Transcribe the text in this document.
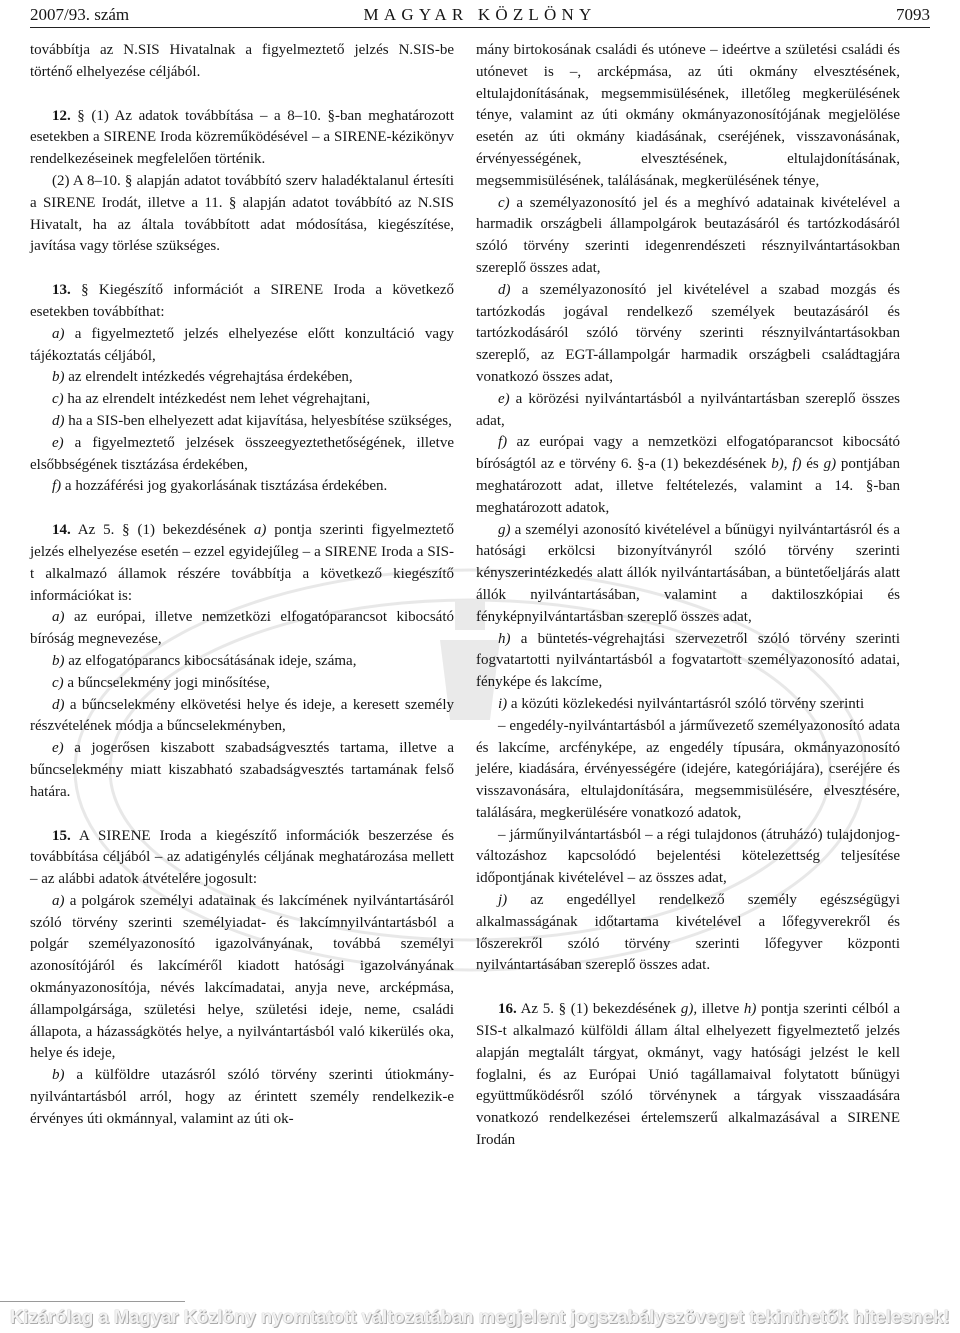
2007/93. szám	MAGYAR KÖZLÖNY	7093

továbbítja az N.SIS Hivatalnak a figyelmeztető jelzés N.SIS-be történő elhelyezése céljából.

12. § (1) Az adatok továbbítása – a 8–10. §-ban meghatározott esetekben a SIRENE Iroda közreműködésével – a SIRENE-kézikönyv rendelkezéseinek megfelelően történik.

(2) A 8–10. § alapján adatot továbbító szerv haladéktalanul értesíti a SIRENE Irodát, illetve a 11. § alapján adatot továbbító az N.SIS Hivatalt, ha az általa továbbított adat módosítása, kiegészítése, javítása vagy törlése szükséges.

13. § Kiegészítő információt a SIRENE Iroda a következő esetekben továbbíthat:

a) a figyelmeztető jelzés elhelyezése előtt konzultáció vagy tájékoztatás céljából,

b) az elrendelt intézkedés végrehajtása érdekében,

c) ha az elrendelt intézkedést nem lehet végrehajtani,

d) ha a SIS-ben elhelyezett adat kijavítása, helyesbítése szükséges,

e) a figyelmeztető jelzések összeegyeztethetőségének, illetve elsőbbségének tisztázása érdekében,

f) a hozzáférési jog gyakorlásának tisztázása érdekében.

14. Az 5. § (1) bekezdésének a) pontja szerinti figyelmeztető jelzés elhelyezése esetén – ezzel egyidejűleg – a SIRENE Iroda a SIS-t alkalmazó államok részére továbbítja a következő kiegészítő információkat is:

a) az európai, illetve nemzetközi elfogatóparancsot kibocsátó bíróság megnevezése,

b) az elfogatóparancs kibocsátásának ideje, száma,

c) a bűncselekmény jogi minősítése,

d) a bűncselekmény elkövetési helye és ideje, a keresett személy részvételének módja a bűncselekményben,

e) a jogerősen kiszabott szabadságvesztés tartama, illetve a bűncselekmény miatt kiszabható szabadságvesztés tartamának felső határa.

15. A SIRENE Iroda a kiegészítő információk beszerzése és továbbítása céljából – az adatigénylés céljának meghatározása mellett – az alábbi adatok átvételére jogosult:

a) a polgárok személyi adatainak és lakcímének nyilvántartásáról szóló törvény szerinti személyiadat- és lakcímnyilvántartásból a polgár személyazonosító igazolványának, továbbá személyi azonosítójáról és lakcíméről kiadott hatósági igazolványának okmányazonosítója, névés lakcímadatai, anyja neve, arcképmása, állampolgársága, születési helye, születési ideje, neme, családi állapota, a házasságkötés helye, a nyilvántartásból való kikerülés oka, helye és ideje,

b) a külföldre utazásról szóló törvény szerinti útiokmány-nyilvántartásból arról, hogy az érintett személy rendelkezik-e érvényes úti okmánnyal, valamint az úti ok-

mány birtokosának családi és utóneve – ideértve a születési családi és utónevet is –, arcképmása, az úti okmány elvesztésének, eltulajdonításának, megsemmisülésének, illetőleg megkerülésének ténye, valamint az úti okmány okmányazonosítójának megjelölése esetén az úti okmány kiadásának, cseréjének, visszavonásának, érvényességének, elvesztésének, eltulajdonításának, megsemmisülésének, találásának, megkerülésének ténye,

c) a személyazonosító jel és a meghívó adatainak kivételével a harmadik országbeli állampolgárok beutazásáról és tartózkodásáról szóló törvény szerinti idegenrendészeti résznyilvántartásokban szereplő összes adat,

d) a személyazonosító jel kivételével a szabad mozgás és tartózkodás jogával rendelkező személyek beutazásáról és tartózkodásáról szóló törvény szerinti résznyilvántartásokban szereplő, az EGT-állampolgár harmadik országbeli családtagjára vonatkozó összes adat,

e) a körözési nyilvántartásból a nyilvántartásban szereplő összes adat,

f) az európai vagy a nemzetközi elfogatóparancsot kibocsátó bíróságtól az e törvény 6. §-a (1) bekezdésének b), f) és g) pontjában meghatározott adat, illetve feltételezés, valamint a 14. §-ban meghatározott adatok,

g) a személyi azonosító kivételével a bűnügyi nyilvántartásról és a hatósági erkölcsi bizonyítványról szóló törvény szerinti kényszerintézkedés alatt állók nyilvántartásában, a büntetőeljárás alatt állók nyilvántartásában, valamint a daktiloszkópiai és fényképnyilvántartásban szereplő összes adat,

h) a büntetés-végrehajtási szervezetről szóló törvény szerinti fogvatartotti nyilvántartásból a fogvatartott személyazonosító adatai, fényképe és lakcíme,

i) a közúti közlekedési nyilvántartásról szóló törvény szerinti

– engedély-nyilvántartásból a járművezető személyazonosító adata és lakcíme, arcfényképe, az engedély típusára, okmányazonosító jelére, kiadására, érvényességére (idejére, kategóriájára), cseréjére és visszavonására, eltulajdonítására, megsemmisülésére, elvesztésére, találására, megkerülésére vonatkozó adatok,

– járműnyilvántartásból – a régi tulajdonos (átruházó) tulajdonjog-változáshoz kapcsolódó bejelentési kötelezettség teljesítése időpontjának kivételével – az összes adat,

j) az engedéllyel rendelkező személy egészségügyi alkalmasságának időtartama kivételével a lőfegyverekről és lőszerekről szóló törvény szerinti lőfegyver központi nyilvántartásában szereplő összes adat.

16. Az 5. § (1) bekezdésének g), illetve h) pontja szerinti célból a SIS-t alkalmazó külföldi állam által elhelyezett figyelmeztető jelzés alapján megtalált tárgyat, okmányt, vagy hatósági jelzést le kell foglalni, és az Európai Unió tagállamaival folytatott bűnügyi együttműködésről szóló törvénynek a tárgyak visszaadására vonatkozó rendelkezései értelemszerű alkalmazásával a SIRENE Irodán

Kizárólag a Magyar Közlöny nyomtatott változatában megjelent jogszabályszöveget tekinthetők hitelesnek!
